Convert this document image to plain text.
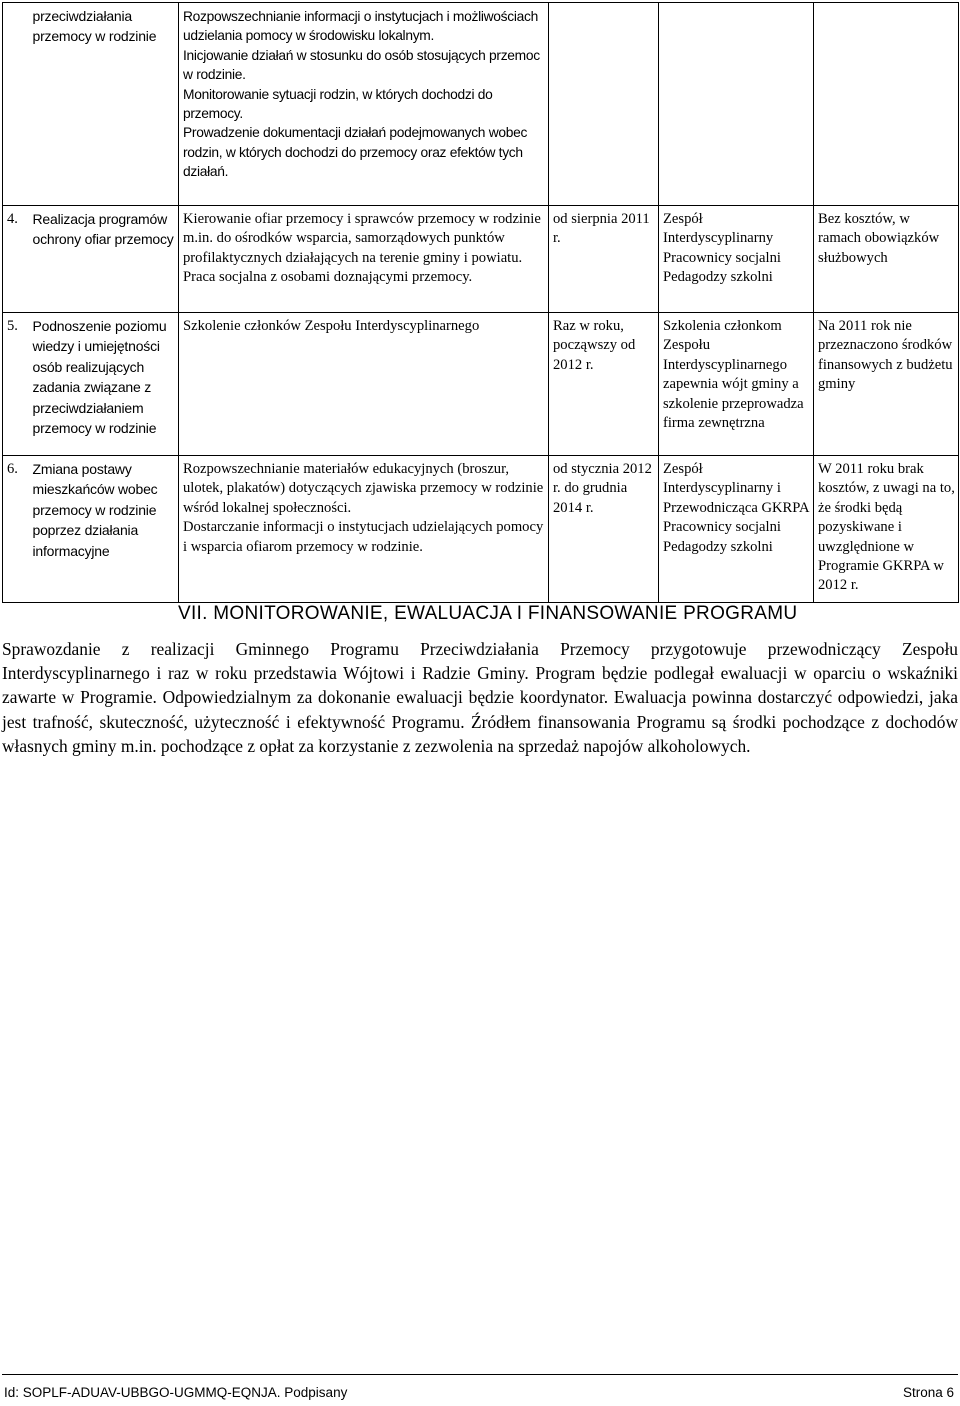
	przeciwdziałania przemocy w rodzinie	Rozpowszechnianie informacji o instytucjach i możliwościach udzielania pomocy w środowisku lokalnym.
Inicjowanie działań w stosunku do osób stosujących przemoc w rodzinie.
Monitorowanie sytuacji rodzin, w których dochodzi do przemocy.
Prowadzenie dokumentacji działań podejmowanych wobec rodzin, w których dochodzi do przemocy oraz efektów tych działań.			

4.	Realizacja programów ochrony ofiar przemocy	Kierowanie ofiar przemocy i sprawców przemocy w rodzinie m.in. do ośrodków wsparcia, samorządowych punktów profilaktycznych działających na terenie gminy i powiatu.
Praca socjalna z osobami doznającymi przemocy.	od sierpnia 2011 r.	Zespół Interdyscyplinarny Pracownicy socjalni Pedagodzy szkolni	Bez kosztów, w ramach obowiązków służbowych
5.	Podnoszenie poziomu wiedzy i umiejętności osób realizujących zadania związane z przeciwdziałaniem przemocy w rodzinie	Szkolenie członków Zespołu Interdyscyplinarnego	Raz w roku, począwszy od 2012 r.	Szkolenia członkom Zespołu Interdyscyplinarnego zapewnia wójt gminy a szkolenie przeprowadza firma zewnętrzna	Na 2011 rok nie przeznaczono środków finansowych z budżetu gminy
6.	Zmiana postawy mieszkańców wobec przemocy w rodzinie poprzez działania informacyjne	Rozpowszechnianie materiałów edukacyjnych (broszur, ulotek, plakatów) dotyczących zjawiska przemocy w rodzinie wśród lokalnej społeczności.
Dostarczanie informacji o instytucjach udzielających pomocy i wsparcia ofiarom przemocy w rodzinie.	od stycznia 2012 r. do grudnia 2014 r.	Zespół Interdyscyplinarny i Przewodnicząca GKRPA Pracownicy socjalni Pedagodzy szkolni	W 2011 roku brak kosztów, z uwagi na to, że środki będą pozyskiwane i uwzględnione w Programie GKRPA w 2012 r.
VII. MONITOROWANIE, EWALUACJA I FINANSOWANIE PROGRAMU
Sprawozdanie z realizacji Gminnego Programu Przeciwdziałania Przemocy przygotowuje przewodniczący Zespołu Interdyscyplinarnego i raz w roku przedstawia Wójtowi i Radzie Gminy. Program będzie podlegał ewaluacji w oparciu o wskaźniki zawarte w Programie. Odpowiedzialnym za dokonanie ewaluacji będzie koordynator. Ewaluacja powinna dostarczyć odpowiedzi, jaka jest trafność, skuteczność, użyteczność i efektywność Programu. Źródłem finansowania Programu są środki pochodzące z dochodów własnych gminy m.in. pochodzące z opłat za korzystanie z zezwolenia na sprzedaż napojów alkoholowych.
Id: SOPLF-ADUAV-UBBGO-UGMMQ-EQNJA. Podpisany	Strona 6
